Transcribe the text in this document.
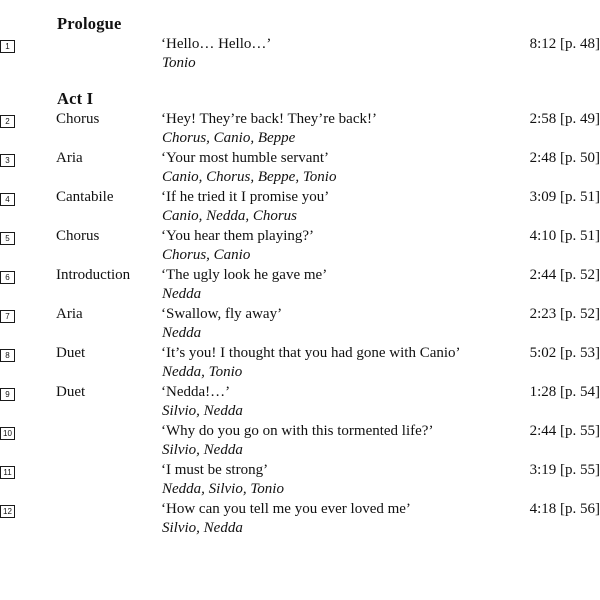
	Prologue		
1		‘Hello… Hello…’	8:12 [p. 48]
		Tonio	
	Act I		
2	Chorus	‘Hey! They’re back! They’re back!’	2:58 [p. 49]
		Chorus, Canio, Beppe	
3	Aria	‘Your most humble servant’	2:48 [p. 50]
		Canio, Chorus, Beppe, Tonio	
4	Cantabile	‘If he tried it I promise you’	3:09 [p. 51]
		Canio, Nedda, Chorus	
5	Chorus	‘You hear them playing?’	4:10 [p. 51]
		Chorus, Canio	
6	Introduction	‘The ugly look he gave me’	2:44 [p. 52]
		Nedda	
7	Aria	‘Swallow, fly away’	2:23 [p. 52]
		Nedda	
8	Duet	‘It’s you! I thought that you had gone with Canio’	5:02 [p. 53]
		Nedda, Tonio	
9	Duet	‘Nedda!…’	1:28 [p. 54]
		Silvio, Nedda	
10		‘Why do you go on with this tormented life?’	2:44 [p. 55]
		Silvio, Nedda	
11		‘I must be strong’	3:19 [p. 55]
		Nedda, Silvio, Tonio	
12		‘How can you tell me you ever loved me’	4:18 [p. 56]
		Silvio, Nedda	
